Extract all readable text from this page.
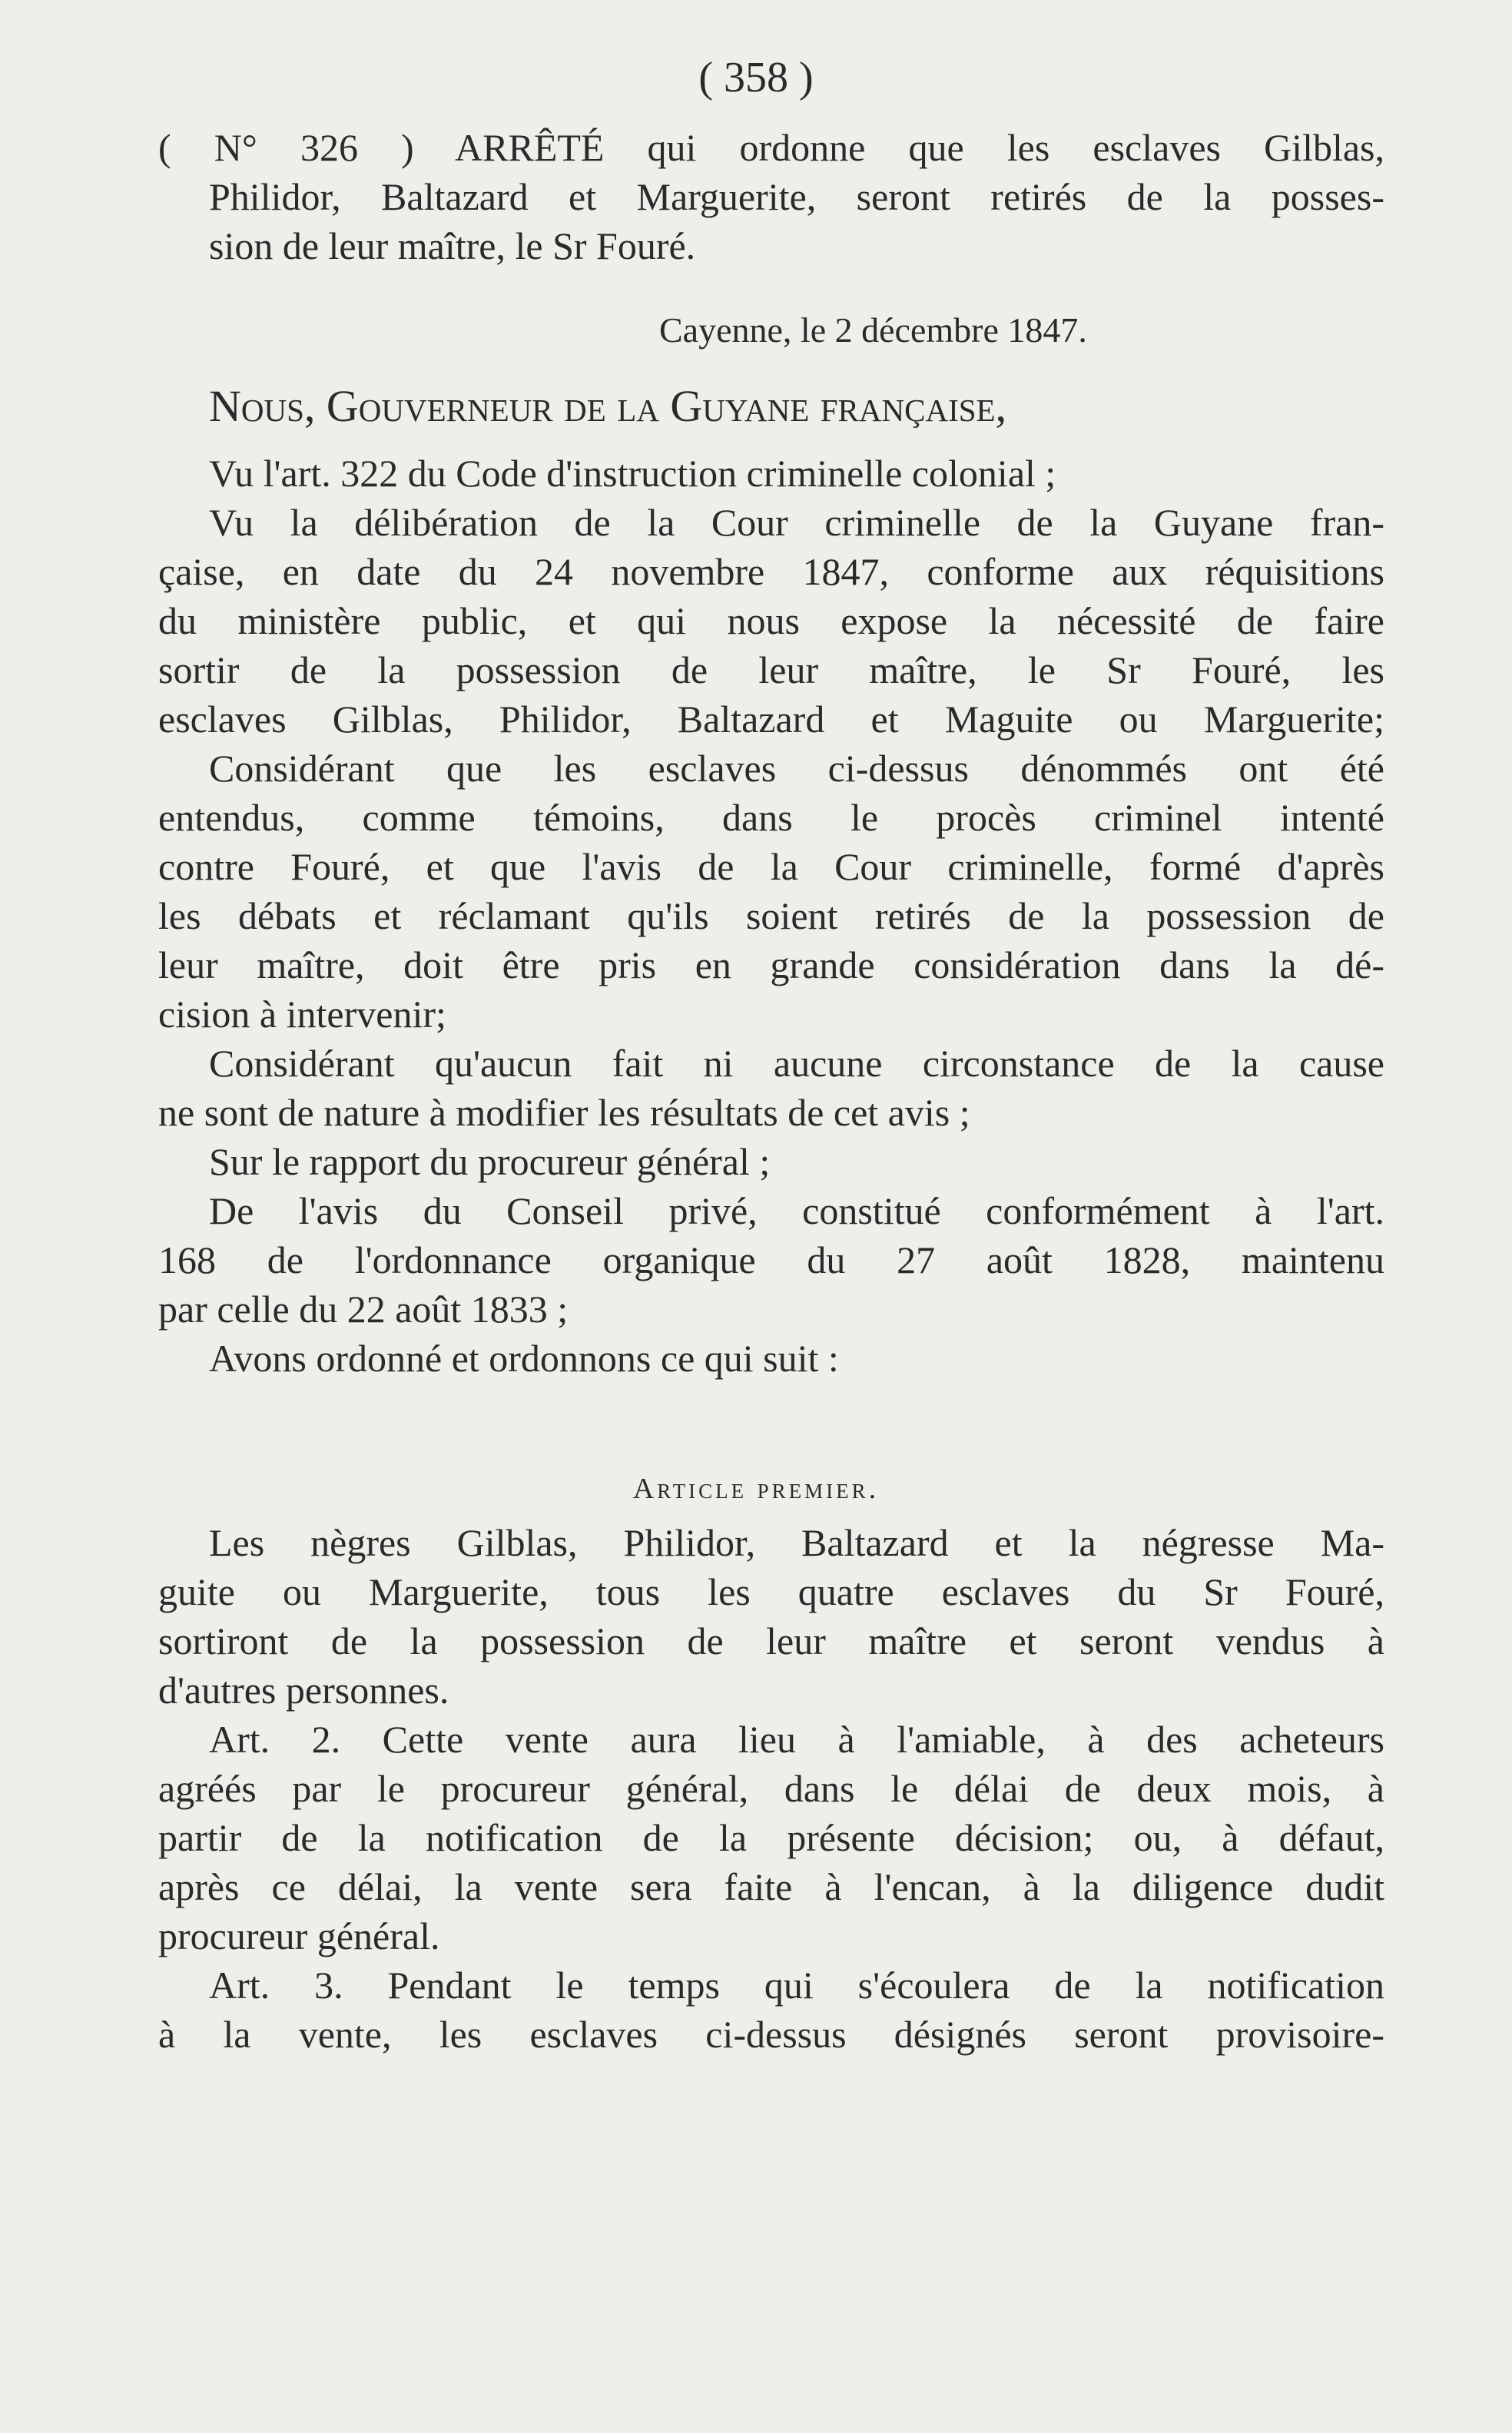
( 358 )
( N° 326 ) ARRÊTÉ qui ordonne que les esclaves Gilblas,
Philidor, Baltazard et Marguerite, seront retirés de la posses-
sion de leur maître, le Sr Fouré.
Cayenne, le 2 décembre 1847.
Nous, Gouverneur de la Guyane française,
Vu l'art. 322 du Code d'instruction criminelle colonial ;
Vu la délibération de la Cour criminelle de la Guyane fran-
çaise, en date du 24 novembre 1847, conforme aux réquisitions
du ministère public, et qui nous expose la nécessité de faire
sortir de la possession de leur maître, le Sr Fouré, les
esclaves Gilblas, Philidor, Baltazard et Maguite ou Marguerite;
Considérant que les esclaves ci-dessus dénommés ont été
entendus, comme témoins, dans le procès criminel intenté
contre Fouré, et que l'avis de la Cour criminelle, formé d'après
les débats et réclamant qu'ils soient retirés de la possession de
leur maître, doit être pris en grande considération dans la dé-
cision à intervenir;
Considérant qu'aucun fait ni aucune circonstance de la cause
ne sont de nature à modifier les résultats de cet avis ;
Sur le rapport du procureur général ;
De l'avis du Conseil privé, constitué conformément à l'art.
168 de l'ordonnance organique du 27 août 1828, maintenu
par celle du 22 août 1833 ;
Avons ordonné et ordonnons ce qui suit :
Article premier.
Les nègres Gilblas, Philidor, Baltazard et la négresse Ma-
guite ou Marguerite, tous les quatre esclaves du Sr Fouré,
sortiront de la possession de leur maître et seront vendus à
d'autres personnes.
Art. 2. Cette vente aura lieu à l'amiable, à des acheteurs
agréés par le procureur général, dans le délai de deux mois, à
partir de la notification de la présente décision; ou, à défaut,
après ce délai, la vente sera faite à l'encan, à la diligence dudit
procureur général.
Art. 3. Pendant le temps qui s'écoulera de la notification
à la vente, les esclaves ci-dessus désignés seront provisoire-
